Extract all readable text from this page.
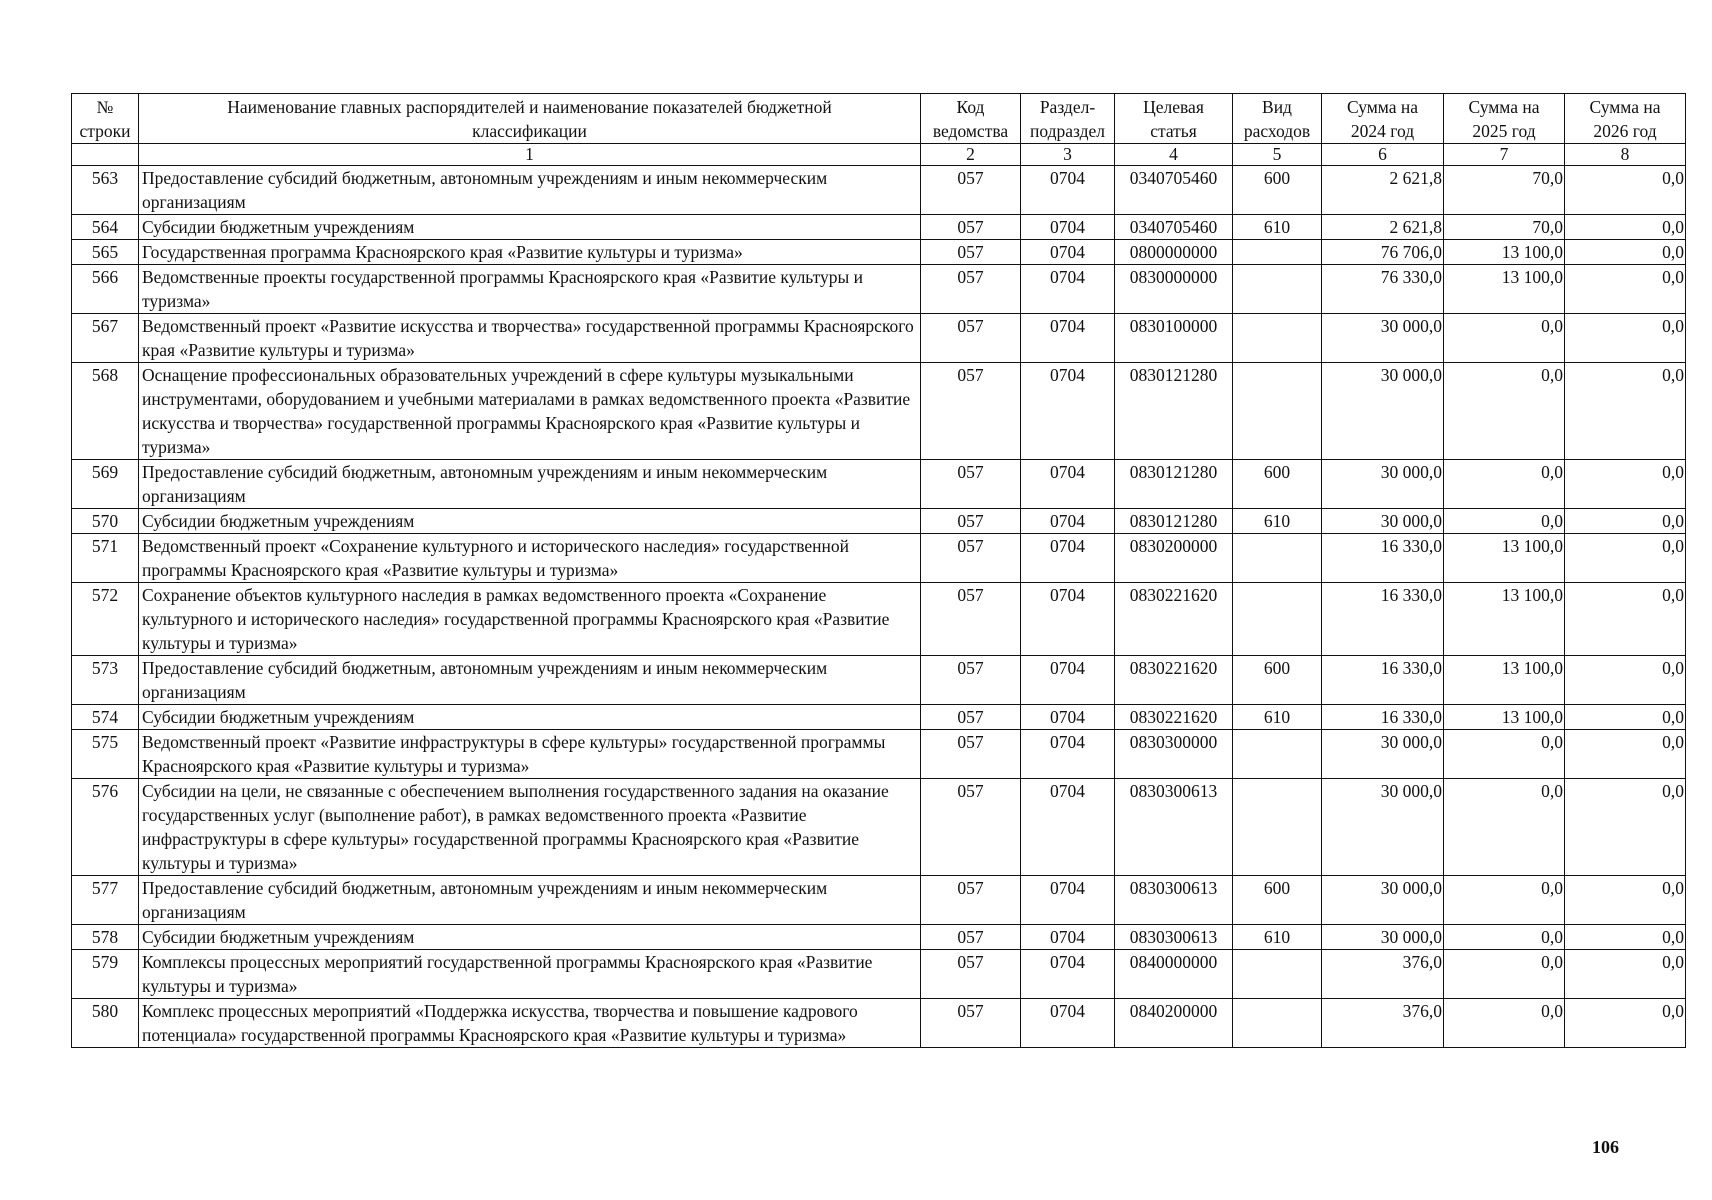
№ строки	Наименование главных распорядителей и наименование показателей бюджетной классификации	Код ведомства	Раздел-подраздел	Целевая статья	Вид расходов	Сумма на 2024 год	Сумма на 2025 год	Сумма на 2026 год
	1	2	3	4	5	6	7	8
563	Предоставление субсидий бюджетным, автономным учреждениям и иным некоммерческим организациям	057	0704	0340705460	600	2 621,8	70,0	0,0
564	Субсидии бюджетным учреждениям	057	0704	0340705460	610	2 621,8	70,0	0,0
565	Государственная программа Красноярского края «Развитие культуры и туризма»	057	0704	0800000000		76 706,0	13 100,0	0,0
566	Ведомственные проекты государственной программы Красноярского края «Развитие культуры и туризма»	057	0704	0830000000		76 330,0	13 100,0	0,0
567	Ведомственный проект «Развитие искусства и творчества» государственной программы Красноярского края «Развитие культуры и туризма»	057	0704	0830100000		30 000,0	0,0	0,0
568	Оснащение профессиональных образовательных учреждений в сфере культуры музыкальными инструментами, оборудованием и учебными материалами в рамках ведомственного проекта «Развитие искусства и творчества» государственной программы Красноярского края «Развитие культуры и туризма»	057	0704	0830121280		30 000,0	0,0	0,0
569	Предоставление субсидий бюджетным, автономным учреждениям и иным некоммерческим организациям	057	0704	0830121280	600	30 000,0	0,0	0,0
570	Субсидии бюджетным учреждениям	057	0704	0830121280	610	30 000,0	0,0	0,0
571	Ведомственный проект «Сохранение культурного и исторического наследия» государственной программы Красноярского края «Развитие культуры и туризма»	057	0704	0830200000		16 330,0	13 100,0	0,0
572	Сохранение объектов культурного наследия в рамках ведомственного проекта «Сохранение культурного и исторического наследия» государственной программы Красноярского края «Развитие культуры и туризма»	057	0704	0830221620		16 330,0	13 100,0	0,0
573	Предоставление субсидий бюджетным, автономным учреждениям и иным некоммерческим организациям	057	0704	0830221620	600	16 330,0	13 100,0	0,0
574	Субсидии бюджетным учреждениям	057	0704	0830221620	610	16 330,0	13 100,0	0,0
575	Ведомственный проект «Развитие инфраструктуры в сфере культуры» государственной программы Красноярского края «Развитие культуры и туризма»	057	0704	0830300000		30 000,0	0,0	0,0
576	Субсидии на цели, не связанные с обеспечением выполнения государственного задания на оказание государственных услуг (выполнение работ), в рамках ведомственного проекта «Развитие инфраструктуры в сфере культуры» государственной программы Красноярского края «Развитие культуры и туризма»	057	0704	0830300613		30 000,0	0,0	0,0
577	Предоставление субсидий бюджетным, автономным учреждениям и иным некоммерческим организациям	057	0704	0830300613	600	30 000,0	0,0	0,0
578	Субсидии бюджетным учреждениям	057	0704	0830300613	610	30 000,0	0,0	0,0
579	Комплексы процессных мероприятий государственной программы Красноярского края «Развитие культуры и туризма»	057	0704	0840000000		376,0	0,0	0,0
580	Комплекс процессных мероприятий «Поддержка искусства, творчества и повышение кадрового потенциала» государственной программы Красноярского края «Развитие культуры и туризма»	057	0704	0840200000		376,0	0,0	0,0
106
